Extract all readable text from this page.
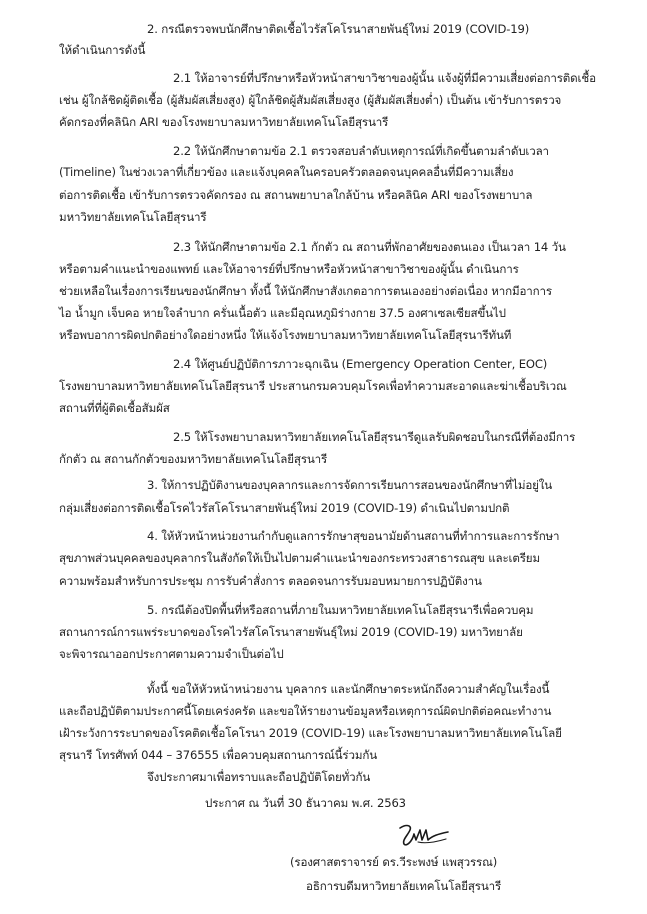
2. กรณีตรวจพบนักศึกษาติดเชื้อไวรัสโคโรนาสายพันธุ์ใหม่ 2019 (COVID-19)
ให้ดำเนินการดังนี้
2.1 ให้อาจารย์ที่ปรึกษาหรือหัวหน้าสาขาวิชาของผู้นั้น แจ้งผู้ที่มีความเสี่ยงต่อการติดเชื้อ
เช่น ผู้ใกล้ชิดผู้ติดเชื้อ (ผู้สัมผัสเสี่ยงสูง) ผู้ใกล้ชิดผู้สัมผัสเสี่ยงสูง (ผู้สัมผัสเสี่ยงต่ำ) เป็นต้น เข้ารับการตรวจ
คัดกรองที่คลินิก ARI ของโรงพยาบาลมหาวิทยาลัยเทคโนโลยีสุรนารี
2.2 ให้นักศึกษาตามข้อ 2.1 ตรวจสอบลำดับเหตุการณ์ที่เกิดขึ้นตามลำดับเวลา
(Timeline) ในช่วงเวลาที่เกี่ยวข้อง และแจ้งบุคคลในครอบครัวตลอดจนบุคคลอื่นที่มีความเสี่ยง
ต่อการติดเชื้อ เข้ารับการตรวจคัดกรอง ณ สถานพยาบาลใกล้บ้าน หรือคลินิค ARI ของโรงพยาบาล
มหาวิทยาลัยเทคโนโลยีสุรนารี
2.3 ให้นักศึกษาตามข้อ 2.1 กักตัว ณ สถานที่พักอาศัยของตนเอง เป็นเวลา 14 วัน
หรือตามคำแนะนำของแพทย์ และให้อาจารย์ที่ปรึกษาหรือหัวหน้าสาขาวิชาของผู้นั้น ดำเนินการ
ช่วยเหลือในเรื่องการเรียนของนักศึกษา ทั้งนี้ ให้นักศึกษาสังเกตอาการตนเองอย่างต่อเนื่อง หากมีอาการ
ไอ น้ำมูก เจ็บคอ หายใจลำบาก ครั่นเนื้อตัว และมีอุณหภูมิร่างกาย 37.5 องศาเซลเซียสขึ้นไป
หรือพบอาการผิดปกติอย่างใดอย่างหนึ่ง ให้แจ้งโรงพยาบาลมหาวิทยาลัยเทคโนโลยีสุรนารีทันที
2.4 ให้ศูนย์ปฏิบัติการภาวะฉุกเฉิน (Emergency Operation Center, EOC)
โรงพยาบาลมหาวิทยาลัยเทคโนโลยีสุรนารี ประสานกรมควบคุมโรคเพื่อทำความสะอาดและฆ่าเชื้อบริเวณ
สถานที่ที่ผู้ติดเชื้อสัมผัส
2.5 ให้โรงพยาบาลมหาวิทยาลัยเทคโนโลยีสุรนารีดูแลรับผิดชอบในกรณีที่ต้องมีการ
กักตัว ณ สถานกักตัวของมหาวิทยาลัยเทคโนโลยีสุรนารี
3. ให้การปฏิบัติงานของบุคลากรและการจัดการเรียนการสอนของนักศึกษาที่ไม่อยู่ใน
กลุ่มเสี่ยงต่อการติดเชื้อโรคไวรัสโคโรนาสายพันธุ์ใหม่ 2019 (COVID-19) ดำเนินไปตามปกติ
4. ให้หัวหน้าหน่วยงานกำกับดูแลการรักษาสุขอนามัยด้านสถานที่ทำการและการรักษา
สุขภาพส่วนบุคคลของบุคลากรในสังกัดให้เป็นไปตามคำแนะนำของกระทรวงสาธารณสุข และเตรียม
ความพร้อมสำหรับการประชุม การรับคำสั่งการ ตลอดจนการรับมอบหมายการปฏิบัติงาน
5. กรณีต้องปิดพื้นที่หรือสถานที่ภายในมหาวิทยาลัยเทคโนโลยีสุรนารีเพื่อควบคุม
สถานการณ์การแพร่ระบาดของโรคไวรัสโคโรนาสายพันธุ์ใหม่ 2019 (COVID-19) มหาวิทยาลัย
จะพิจารณาออกประกาศตามความจำเป็นต่อไป
ทั้งนี้ ขอให้หัวหน้าหน่วยงาน บุคลากร และนักศึกษาตระหนักถึงความสำคัญในเรื่องนี้
และถือปฏิบัติตามประกาศนี้โดยเคร่งครัด และขอให้รายงานข้อมูลหรือเหตุการณ์ผิดปกติต่อคณะทำงาน
เฝ้าระวังการระบาดของโรคติดเชื้อโคโรนา 2019 (COVID-19) และโรงพยาบาลมหาวิทยาลัยเทคโนโลยี
สุรนารี โทรศัพท์ 044 – 376555 เพื่อควบคุมสถานการณ์นี้ร่วมกัน
จึงประกาศมาเพื่อทราบและถือปฏิบัติโดยทั่วกัน
ประกาศ ณ วันที่ 30 ธันวาคม พ.ศ. 2563
(รองศาสตราจารย์ ดร.วีระพงษ์ แพสุวรรณ)
อธิการบดีมหาวิทยาลัยเทคโนโลยีสุรนารี
